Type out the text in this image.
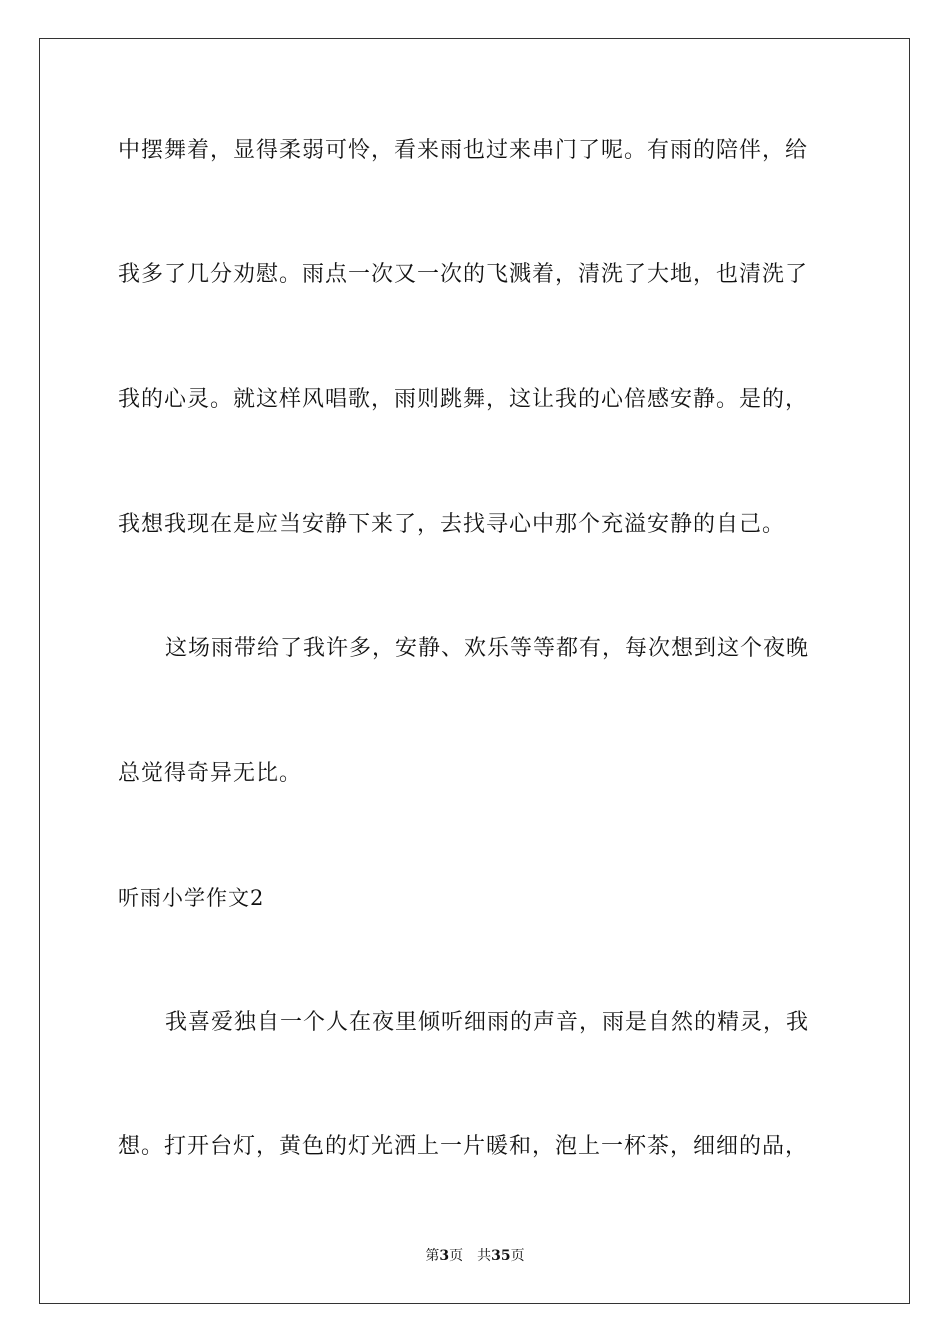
中摆舞着，显得柔弱可怜，看来雨也过来串门了呢。有雨的陪伴，给
我多了几分劝慰。雨点一次又一次的飞溅着，清洗了大地，也清洗了
我的心灵。就这样风唱歌，雨则跳舞，这让我的心倍感安静。是的，
我想我现在是应当安静下来了，去找寻心中那个充溢安静的自己。
这场雨带给了我许多，安静、欢乐等等都有，每次想到这个夜晚
总觉得奇异无比。
听雨小学作文2
我喜爱独自一个人在夜里倾听细雨的声音，雨是自然的精灵，我
想。打开台灯，黄色的灯光洒上一片暖和，泡上一杯茶，细细的品，
第3页 共35页
